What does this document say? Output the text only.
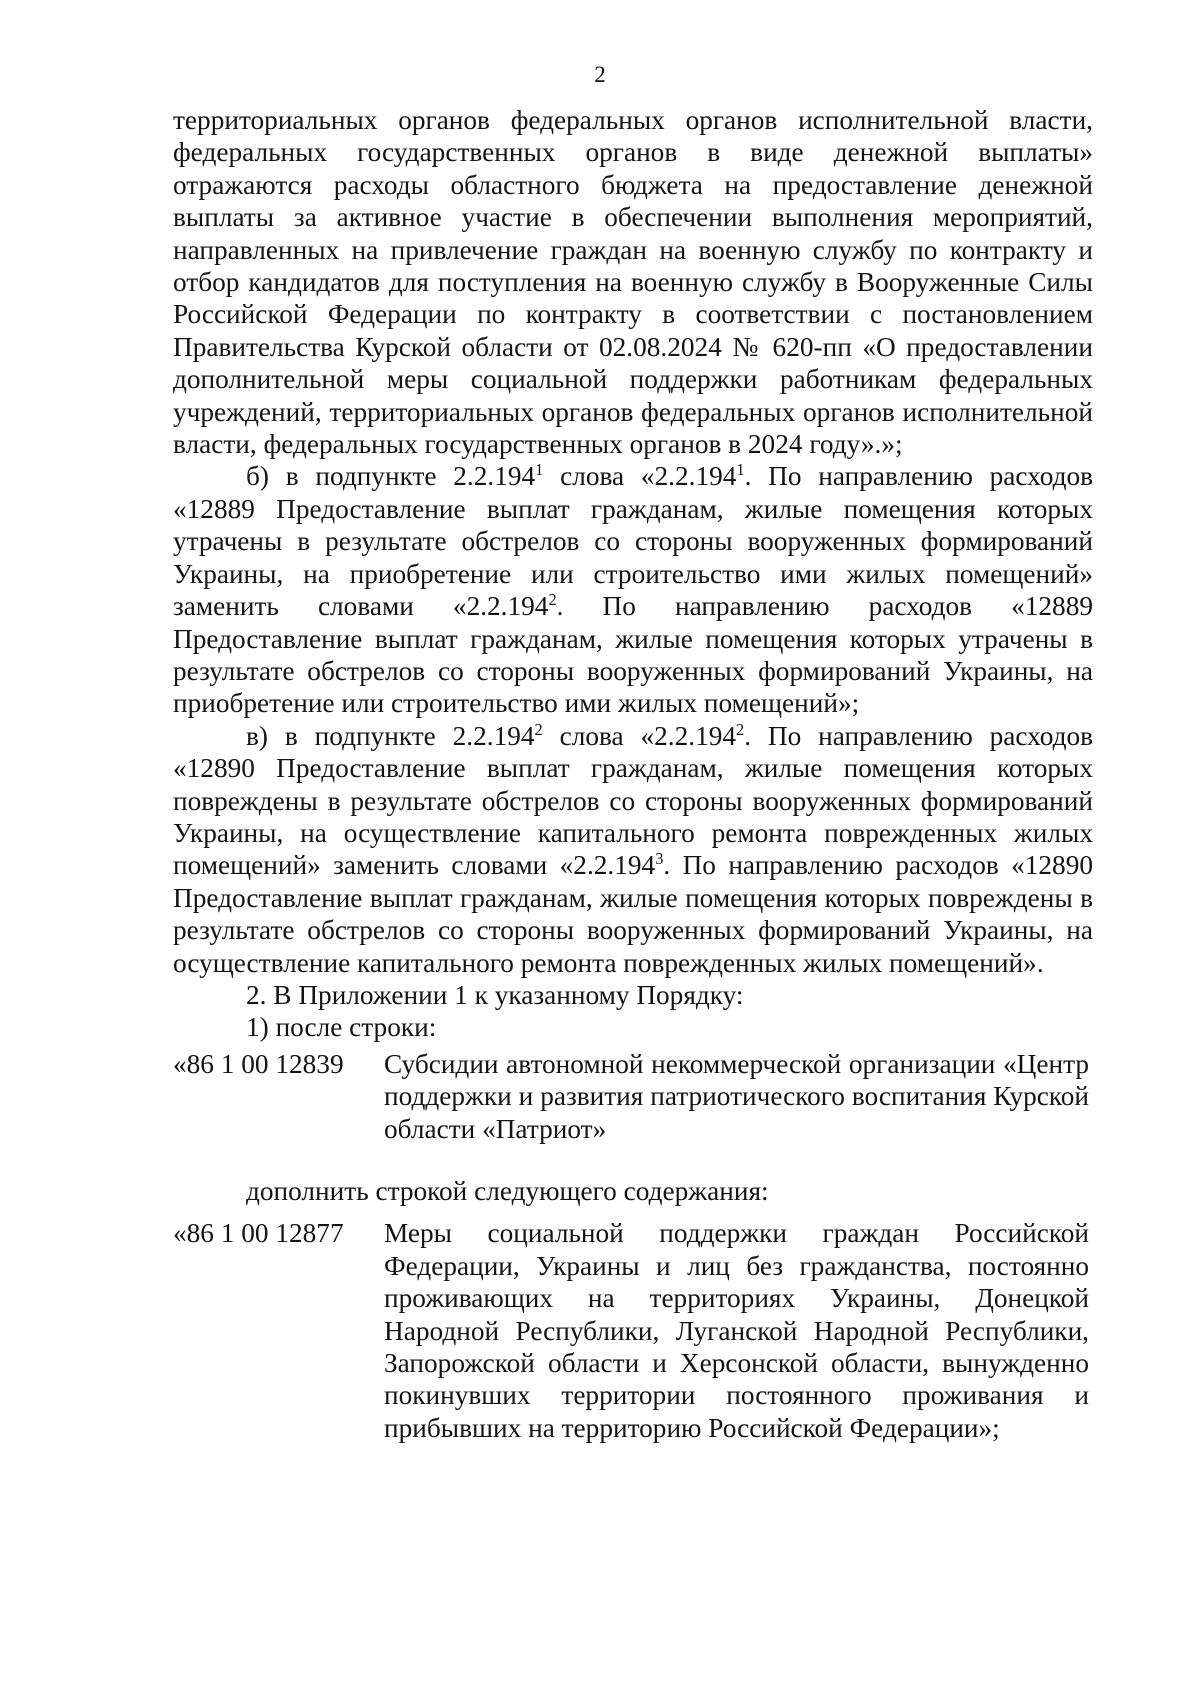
2

территориальных органов федеральных органов исполнительной власти, федеральных государственных органов в виде денежной выплаты» отражаются расходы областного бюджета на предоставление денежной выплаты за активное участие в обеспечении выполнения мероприятий, направленных на привлечение граждан на военную службу по контракту и отбор кандидатов для поступления на военную службу в Вооруженные Силы Российской Федерации по контракту в соответствии с постановлением Правительства Курской области от 02.08.2024 № 620-пп «О предоставлении дополнительной меры социальной поддержки работникам федеральных учреждений, территориальных органов федеральных органов исполнительной власти, федеральных государственных органов в 2024 году».»;

б) в подпункте 2.2.194$^1$ слова «2.2.194$^1$. По направлению расходов «12889 Предоставление выплат гражданам, жилые помещения которых утрачены в результате обстрелов со стороны вооруженных формирований Украины, на приобретение или строительство ими жилых помещений» заменить словами «2.2.194$^2$. По направлению расходов «12889 Предоставление выплат гражданам, жилые помещения которых утрачены в результате обстрелов со стороны вооруженных формирований Украины, на приобретение или строительство ими жилых помещений»;

в) в подпункте 2.2.194$^2$ слова «2.2.194$^2$. По направлению расходов «12890 Предоставление выплат гражданам, жилые помещения которых повреждены в результате обстрелов со стороны вооруженных формирований Украины, на осуществление капитального ремонта поврежденных жилых помещений» заменить словами «2.2.194$^3$. По направлению расходов «12890 Предоставление выплат гражданам, жилые помещения которых повреждены в результате обстрелов со стороны вооруженных формирований Украины, на осуществление капитального ремонта поврежденных жилых помещений».

2. В Приложении 1 к указанному Порядку:

1) после строки:

«86 1 00 12839	Субсидии автономной некоммерческой организации «Центр поддержки и развития патриотического воспитания Курской области «Патриот»

дополнить строкой следующего содержания:

«86 1 00 12877	Меры социальной поддержки граждан Российской Федерации, Украины и лиц без гражданства, постоянно проживающих на территориях Украины, Донецкой Народной Республики, Луганской Народной Республики, Запорожской области и Херсонской области, вынужденно покинувших территории постоянного проживания и прибывших на территорию Российской Федерации»;
